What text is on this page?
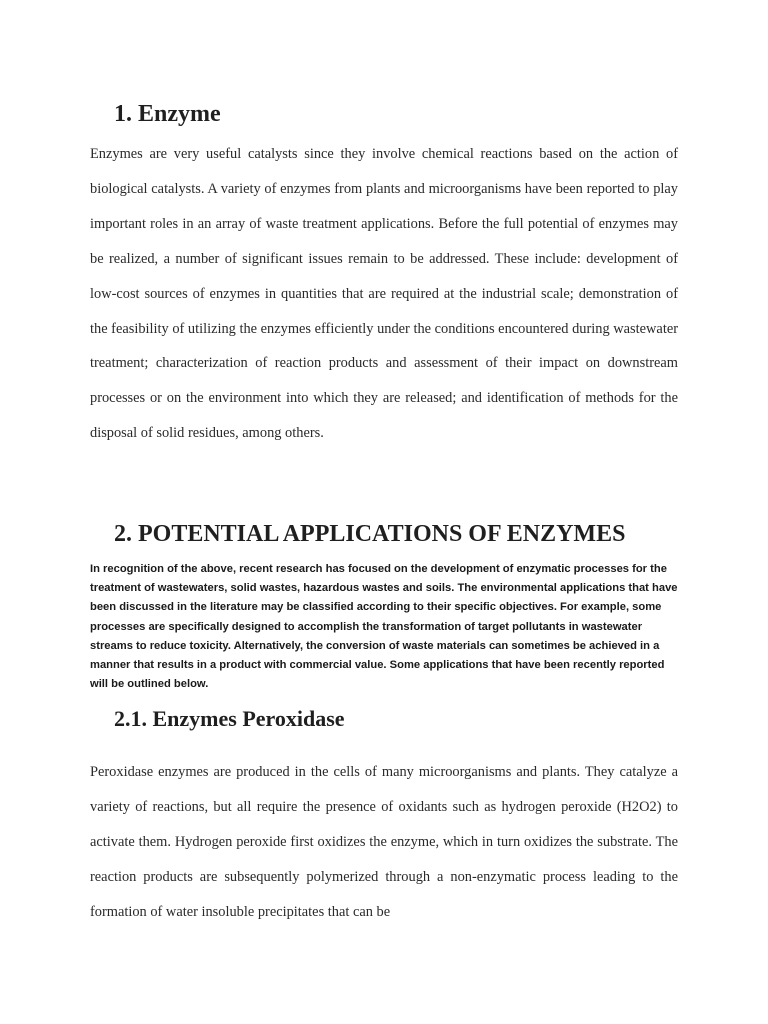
1. Enzyme

Enzymes are very useful catalysts since they involve chemical reactions based on the action of biological catalysts. A variety of enzymes from plants and microorganisms have been reported to play important roles in an array of waste treatment applications. Before the full potential of enzymes may be realized, a number of significant issues remain to be addressed. These include: development of low-cost sources of enzymes in quantities that are required at the industrial scale; demonstration of the feasibility of utilizing the enzymes efficiently under the conditions encountered during wastewater treatment; characterization of reaction products and assessment of their impact on downstream processes or on the environment into which they are released; and identification of methods for the disposal of solid residues, among others.

2. POTENTIAL APPLICATIONS OF ENZYMES

In recognition of the above, recent research has focused on the development of enzymatic processes for the treatment of wastewaters, solid wastes, hazardous wastes and soils. The environmental applications that have been discussed in the literature may be classified according to their specific objectives. For example, some processes are specifically designed to accomplish the transformation of target pollutants in wastewater streams to reduce toxicity. Alternatively, the conversion of waste materials can sometimes be achieved in a manner that results in a product with commercial value. Some applications that have been recently reported will be outlined below.

2.1. Enzymes Peroxidase

Peroxidase enzymes are produced in the cells of many microorganisms and plants. They catalyze a variety of reactions, but all require the presence of oxidants such as hydrogen peroxide (H2O2) to activate them. Hydrogen peroxide first oxidizes the enzyme, which in turn oxidizes the substrate. The reaction products are subsequently polymerized through a non-enzymatic process leading to the formation of water insoluble precipitates that can be
